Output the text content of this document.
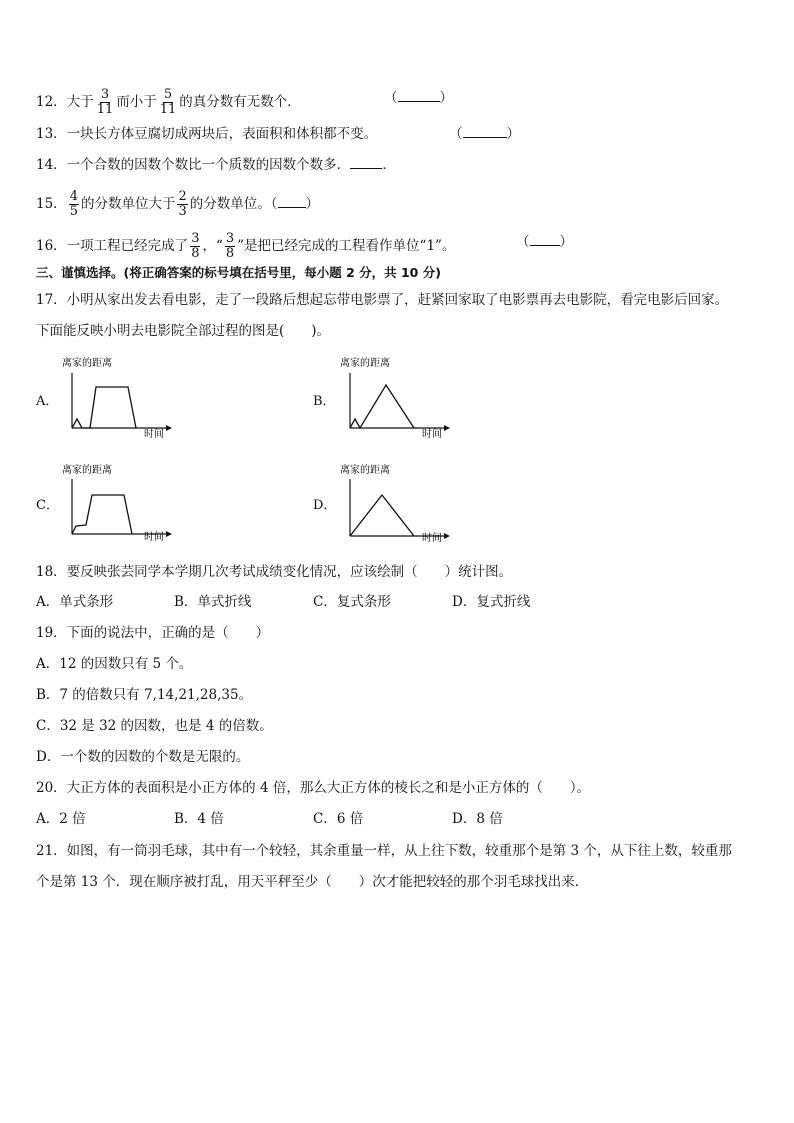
12．大于 $\frac{3}{11}$ 而小于 $\frac{5}{11}$ 的真分数有无数个．	（	）
13．一块长方体豆腐切成两块后，表面积和体积都不变。	（	）
14．一个合数的因数个数比一个质数的因数个数多． ．
15． $\frac{4}{5}$ 的分数单位大于 $\frac{2}{3}$ 的分数单位。（ ）
16．一项工程已经完成了 $\frac{3}{8}$ ，“ $\frac{3}{8}$ ”是把已经完成的工程看作单位“1”。	（ ）
三、谨慎选择。(将正确答案的标号填在括号里，每小题 2 分，共 10 分)
17．小明从家出发去看电影，走了一段路后想起忘带电影票了，赶紧回家取了电影票再去电影院，看完电影后回家。
下面能反映小明去电影院全部过程的图是(　　)。
A．
离家的距离
时间
B．
离家的距离
时间
C．
离家的距离
时间
D．
离家的距离
时间
18．要反映张芸同学本学期几次考试成绩变化情况，应该绘制（　　）统计图。
A．单式条形	B．单式折线	C．复式条形	D．复式折线
19．下面的说法中，正确的是（　　）
A．12 的因数只有 5 个。
B．7 的倍数只有 7,14,21,28,35。
C．32 是 32 的因数，也是 4 的倍数。
D．一个数的因数的个数是无限的。
20．大正方体的表面积是小正方体的 4 倍，那么大正方体的棱长之和是小正方体的（　　）。
A．2 倍	B．4 倍	C．6 倍	D．8 倍
21．如图，有一筒羽毛球，其中有一个较轻，其余重量一样，从上往下数，较重那个是第 3 个，从下往上数，较重那
个是第 13 个．现在顺序被打乱，用天平秤至少（　　）次才能把较轻的那个羽毛球找出来．
